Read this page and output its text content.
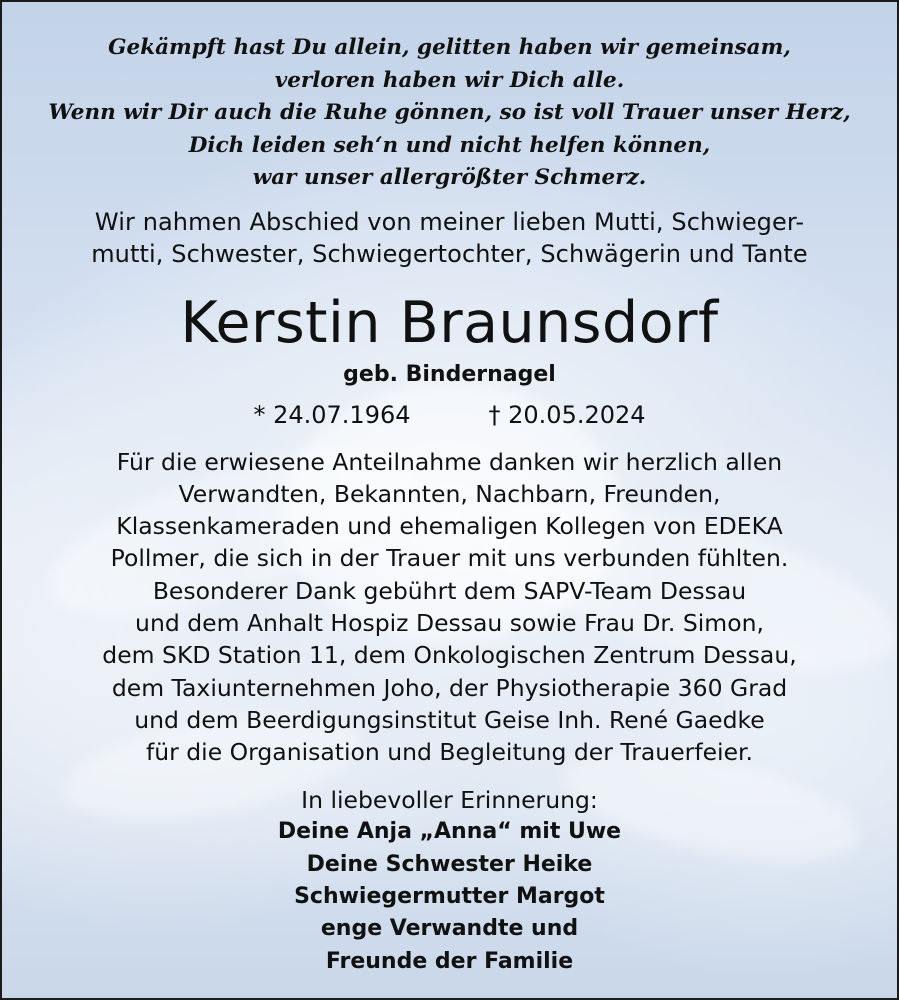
Gekämpft hast Du allein, gelitten haben wir gemeinsam,
verloren haben wir Dich alle.
Wenn wir Dir auch die Ruhe gönnen, so ist voll Trauer unser Herz,
Dich leiden seh‘n und nicht helfen können,
war unser allergrößter Schmerz.
Wir nahmen Abschied von meiner lieben Mutti, Schwieger-
mutti, Schwester, Schwiegertochter, Schwägerin und Tante
Kerstin Braunsdorf
geb. Bindernagel
* 24.07.1964	† 20.05.2024
Für die erwiesene Anteilnahme danken wir herzlich allen
Verwandten, Bekannten, Nachbarn, Freunden,
Klassenkameraden und ehemaligen Kollegen von EDEKA
Pollmer, die sich in der Trauer mit uns verbunden fühlten.
Besonderer Dank gebührt dem SAPV-Team Dessau
und dem Anhalt Hospiz Dessau sowie Frau Dr. Simon,
dem SKD Station 11, dem Onkologischen Zentrum Dessau,
dem Taxiunternehmen Joho, der Physiotherapie 360 Grad
und dem Beerdigungsinstitut Geise Inh. René Gaedke
für die Organisation und Begleitung der Trauerfeier.
In liebevoller Erinnerung:
Deine Anja „Anna“ mit Uwe
Deine Schwester Heike
Schwiegermutter Margot
enge Verwandte und
Freunde der Familie
